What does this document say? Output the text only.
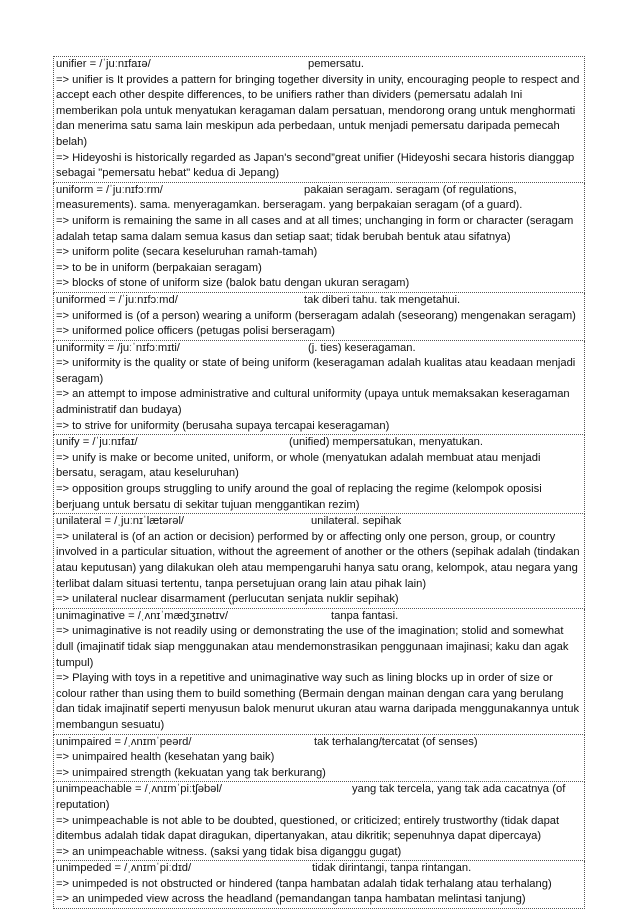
unifier = /ˈjuːnɪfaɪə/	pemersatu.
=> unifier is It provides a pattern for bringing together diversity in unity, encouraging people to respect and accept each other despite differences, to be unifiers rather than dividers (pemersatu adalah Ini memberikan pola untuk menyatukan keragaman dalam persatuan, mendorong orang untuk menghormati dan menerima satu sama lain meskipun ada perbedaan, untuk menjadi pemersatu daripada pemecah belah)
=> Hideyoshi is historically regarded as Japan's second”great unifier (Hideyoshi secara historis dianggap sebagai "pemersatu hebat" kedua di Jepang)
uniform = /ˈjuːnɪfɔːrm/	pakaian seragam. seragam (of regulations, measurements). sama. menyeragamkan. berseragam. yang berpakaian seragam (of a guard).
=> uniform is remaining the same in all cases and at all times; unchanging in form or character (seragam adalah tetap sama dalam semua kasus dan setiap saat; tidak berubah bentuk atau sifatnya)
=> uniform polite (secara keseluruhan ramah-tamah)
=> to be in uniform (berpakaian seragam)
=> blocks of stone of uniform size (balok batu dengan ukuran seragam)
uniformed = /ˈjuːnɪfɔːmd/	tak diberi tahu. tak mengetahui.
=> uniformed is (of a person) wearing a uniform (berseragam adalah (seseorang) mengenakan seragam)
=> uniformed police officers (petugas polisi berseragam)
uniformity = /juːˈnɪfɔːmɪti/	(j. ties) keseragaman.
=> uniformity is the quality or state of being uniform (keseragaman adalah kualitas atau keadaan menjadi seragam)
=> an attempt to impose administrative and cultural uniformity (upaya untuk memaksakan keseragaman administratif dan budaya)
=> to strive for uniformity (berusaha supaya tercapai keseragaman)
unify = /ˈjuːnɪfaɪ/	(unified) mempersatukan, menyatukan.
=> unify is make or become united, uniform, or whole (menyatukan adalah membuat atau menjadi bersatu, seragam, atau keseluruhan)
=> opposition groups struggling to unify around the goal of replacing the regime (kelompok oposisi berjuang untuk bersatu di sekitar tujuan menggantikan rezim)
unilateral = /ˌjuːnɪˈlætərəl/	unilateral. sepihak
=> unilateral is (of an action or decision) performed by or affecting only one person, group, or country involved in a particular situation, without the agreement of another or the others (sepihak adalah (tindakan atau keputusan) yang dilakukan oleh atau mempengaruhi hanya satu orang, kelompok, atau negara yang terlibat dalam situasi tertentu, tanpa persetujuan orang lain atau pihak lain)
=> unilateral nuclear disarmament (perlucutan senjata nuklir sepihak)
unimaginative = /ˌʌnɪˈmædʒɪnətɪv/	tanpa fantasi.
=> unimaginative is not readily using or demonstrating the use of the imagination; stolid and somewhat dull (imajinatif tidak siap menggunakan atau mendemonstrasikan penggunaan imajinasi; kaku dan agak tumpul)
=> Playing with toys in a repetitive and unimaginative way such as lining blocks up in order of size or colour rather than using them to build something (Bermain dengan mainan dengan cara yang berulang dan tidak imajinatif seperti menyusun balok menurut ukuran atau warna daripada menggunakannya untuk membangun sesuatu)
unimpaired = /ˌʌnɪmˈpeərd/	tak terhalang/tercatat (of senses)
=> unimpaired health (kesehatan yang baik)
=> unimpaired strength (kekuatan yang tak berkurang)
unimpeachable = /ˌʌnɪmˈpiːtʃəbəl/	yang tak tercela, yang tak ada cacatnya (of reputation)
=> unimpeachable is not able to be doubted, questioned, or criticized; entirely trustworthy (tidak dapat ditembus adalah tidak dapat diragukan, dipertanyakan, atau dikritik; sepenuhnya dapat dipercaya)
=> an unimpeachable witness. (saksi yang tidak bisa diganggu gugat)
unimpeded = /ˌʌnɪmˈpiːdɪd/	tidak dirintangi, tanpa rintangan.
=> unimpeded is not obstructed or hindered (tanpa hambatan adalah tidak terhalang atau terhalang)
=> an unimpeded view across the headland (pemandangan tanpa hambatan melintasi tanjung)
